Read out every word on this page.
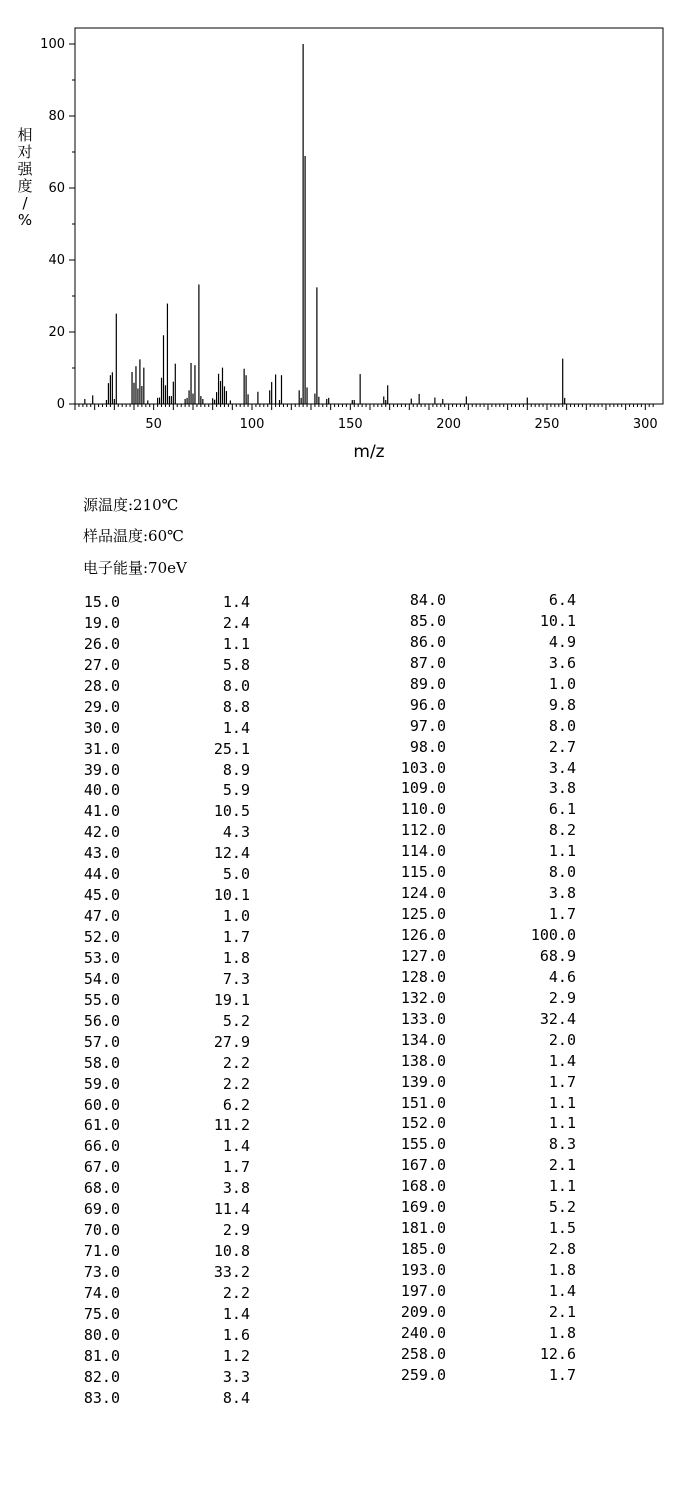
0
20
40
60
80
100
50	100	150	200	250	300
m/z
相对强度/ %
源温度:210℃
样品温度:60℃
电子能量:70eV
15.0	1.4
19.0	2.4
26.0	1.1
27.0	5.8
28.0	8.0
29.0	8.8
30.0	1.4
31.0	25.1
39.0	8.9
40.0	5.9
41.0	10.5
42.0	4.3
43.0	12.4
44.0	5.0
45.0	10.1
47.0	1.0
52.0	1.7
53.0	1.8
54.0	7.3
55.0	19.1
56.0	5.2
57.0	27.9
58.0	2.2
59.0	2.2
60.0	6.2
61.0	11.2
66.0	1.4
67.0	1.7
68.0	3.8
69.0	11.4
70.0	2.9
71.0	10.8
73.0	33.2
74.0	2.2
75.0	1.4
80.0	1.6
81.0	1.2
82.0	3.3
83.0	8.4
84.0	6.4
85.0	10.1
86.0	4.9
87.0	3.6
89.0	1.0
96.0	9.8
97.0	8.0
98.0	2.7
103.0	3.4
109.0	3.8
110.0	6.1
112.0	8.2
114.0	1.1
115.0	8.0
124.0	3.8
125.0	1.7
126.0	100.0
127.0	68.9
128.0	4.6
132.0	2.9
133.0	32.4
134.0	2.0
138.0	1.4
139.0	1.7
151.0	1.1
152.0	1.1
155.0	8.3
167.0	2.1
168.0	1.1
169.0	5.2
181.0	1.5
185.0	2.8
193.0	1.8
197.0	1.4
209.0	2.1
240.0	1.8
258.0	12.6
259.0	1.7
